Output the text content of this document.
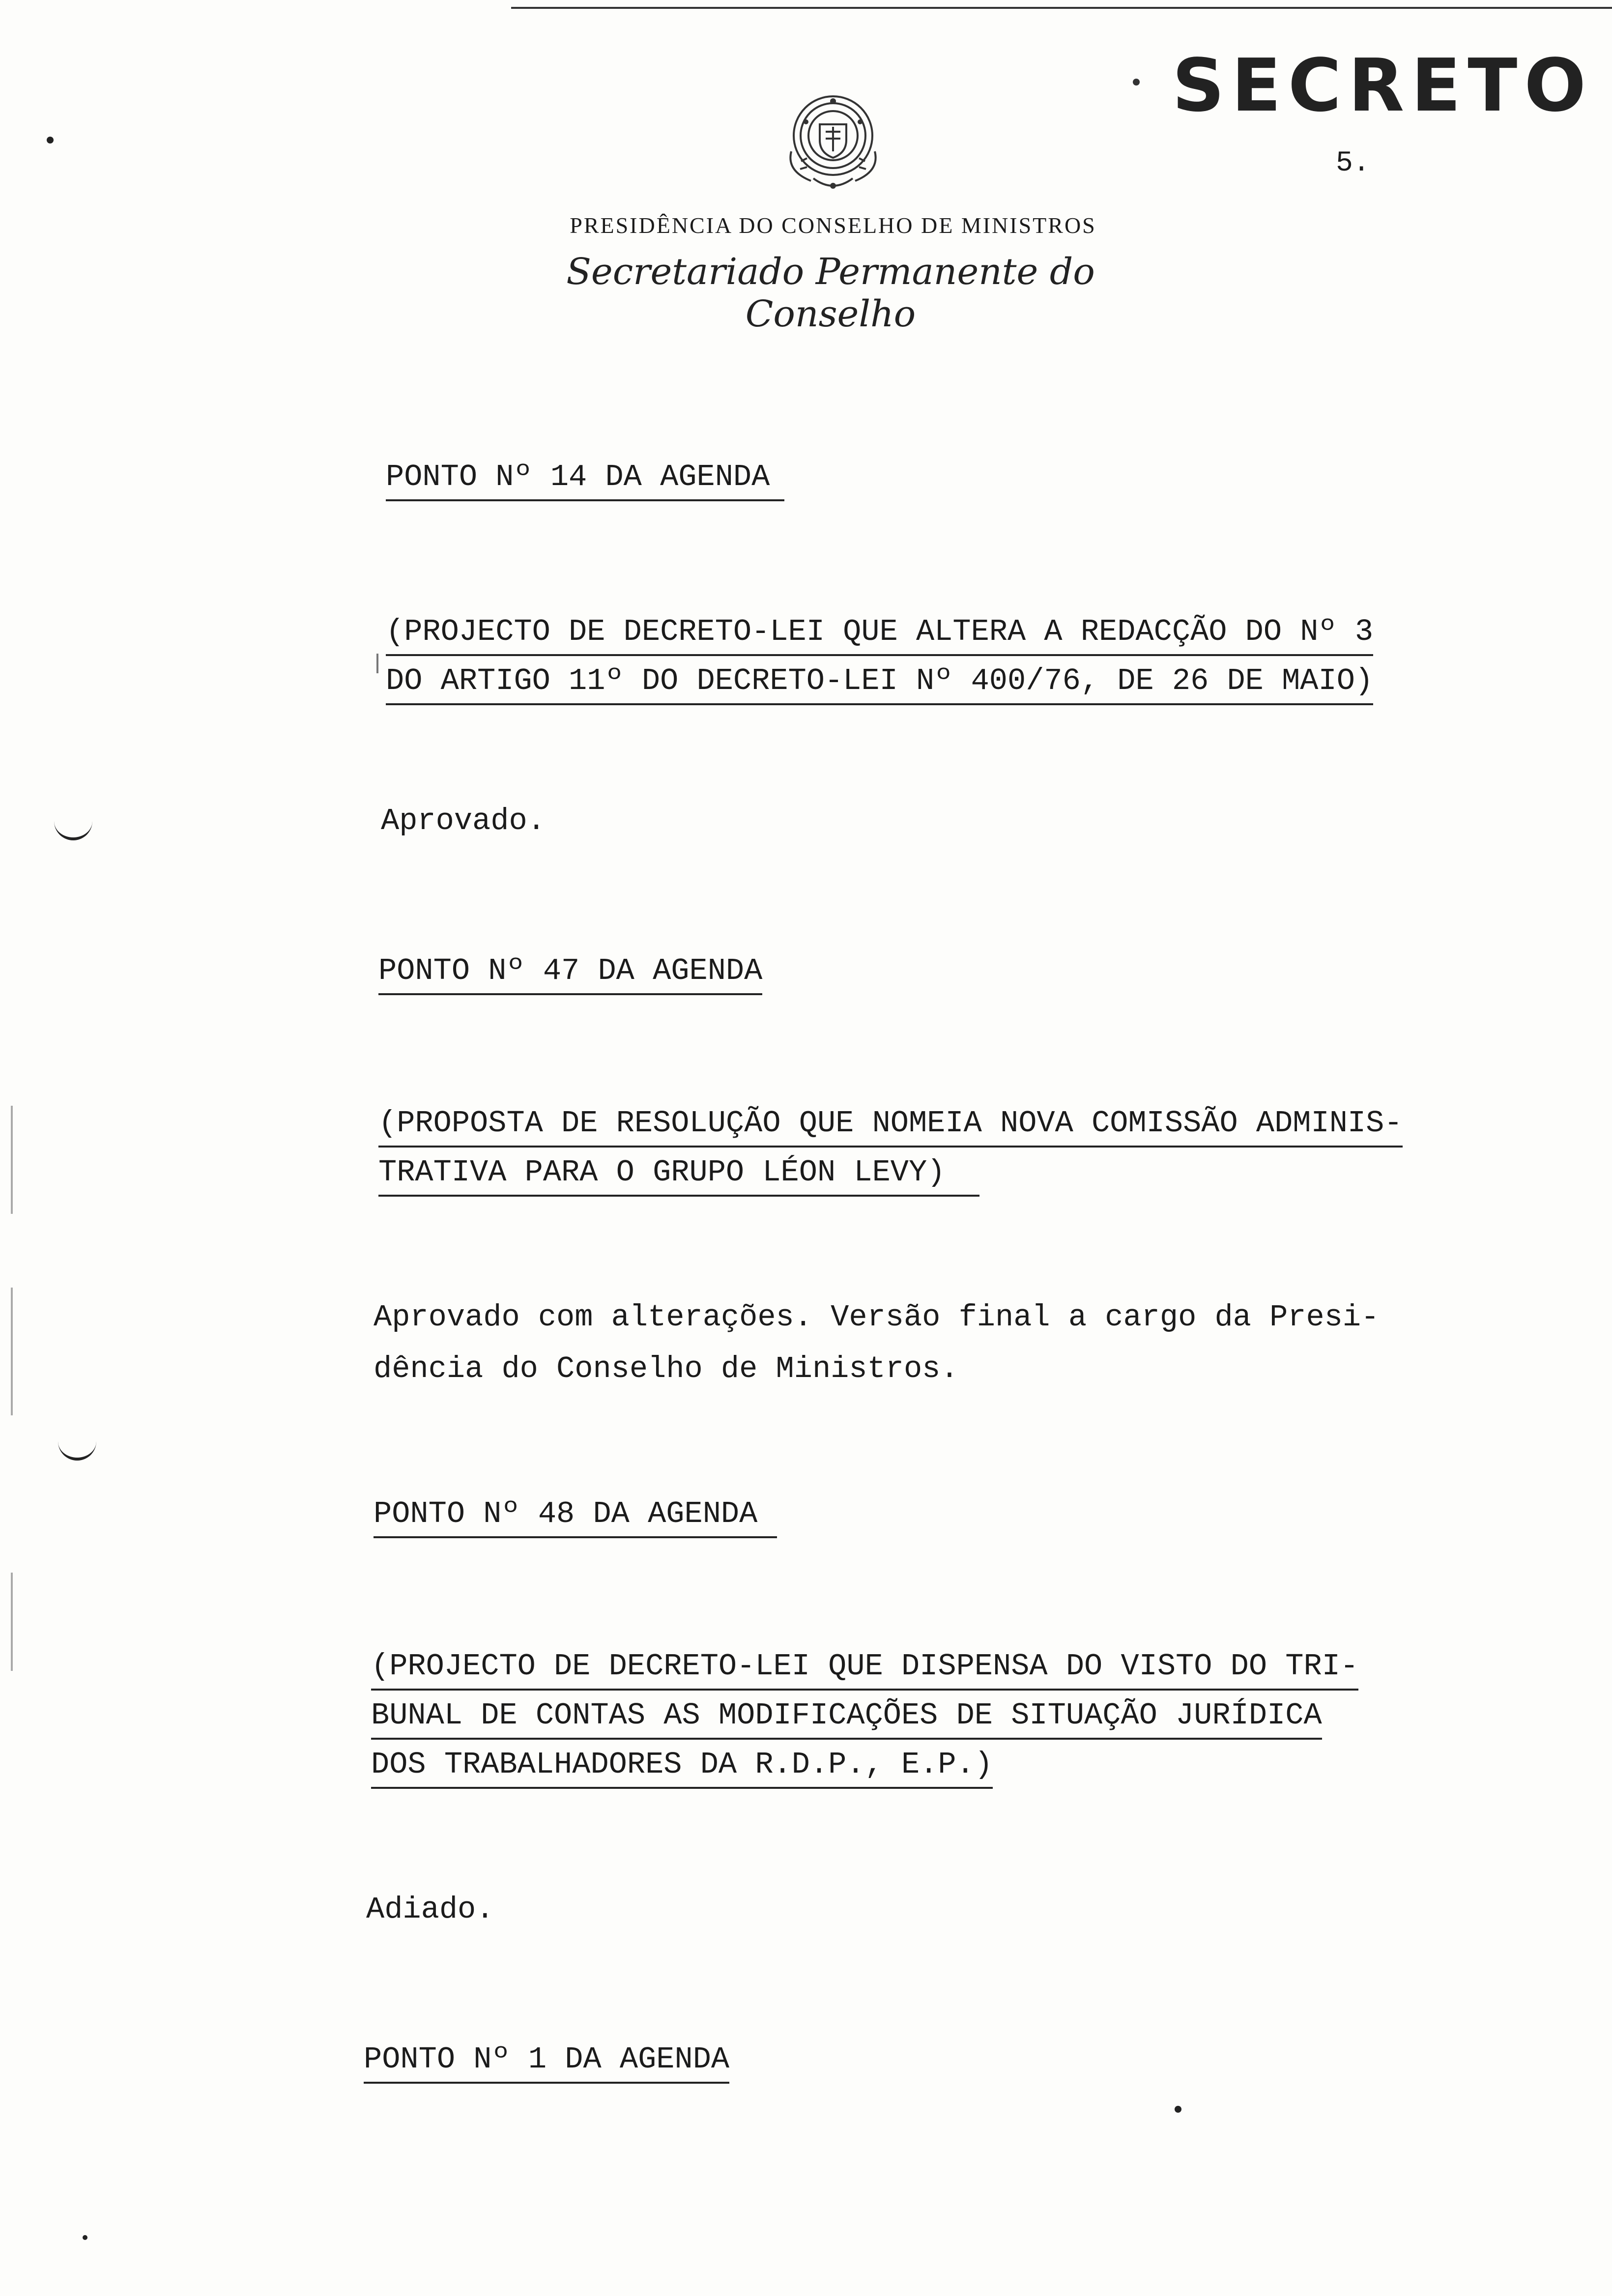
SECRETO
5.
PRESIDÊNCIA DO CONSELHO DE MINISTROS
Secretariado Permanente do Conselho
PONTO Nº 14 DA AGENDA
(PROJECTO DE DECRETO-LEI QUE ALTERA A REDACÇÃO DO Nº 3
DO ARTIGO 11º DO DECRETO-LEI Nº 400/76, DE 26 DE MAIO)
Aprovado.
PONTO Nº 47 DA AGENDA
(PROPOSTA DE RESOLUÇÃO QUE NOMEIA NOVA COMISSÃO ADMINIS-
TRATIVA PARA O GRUPO LÉON LEVY)
Aprovado com alterações. Versão final a cargo da Presi-
dência do Conselho de Ministros.
PONTO Nº 48 DA AGENDA
(PROJECTO DE DECRETO-LEI QUE DISPENSA DO VISTO DO TRI-
BUNAL DE CONTAS AS MODIFICAÇÕES DE SITUAÇÃO JURÍDICA
DOS TRABALHADORES DA R.D.P., E.P.)
Adiado.
PONTO Nº 1 DA AGENDA
